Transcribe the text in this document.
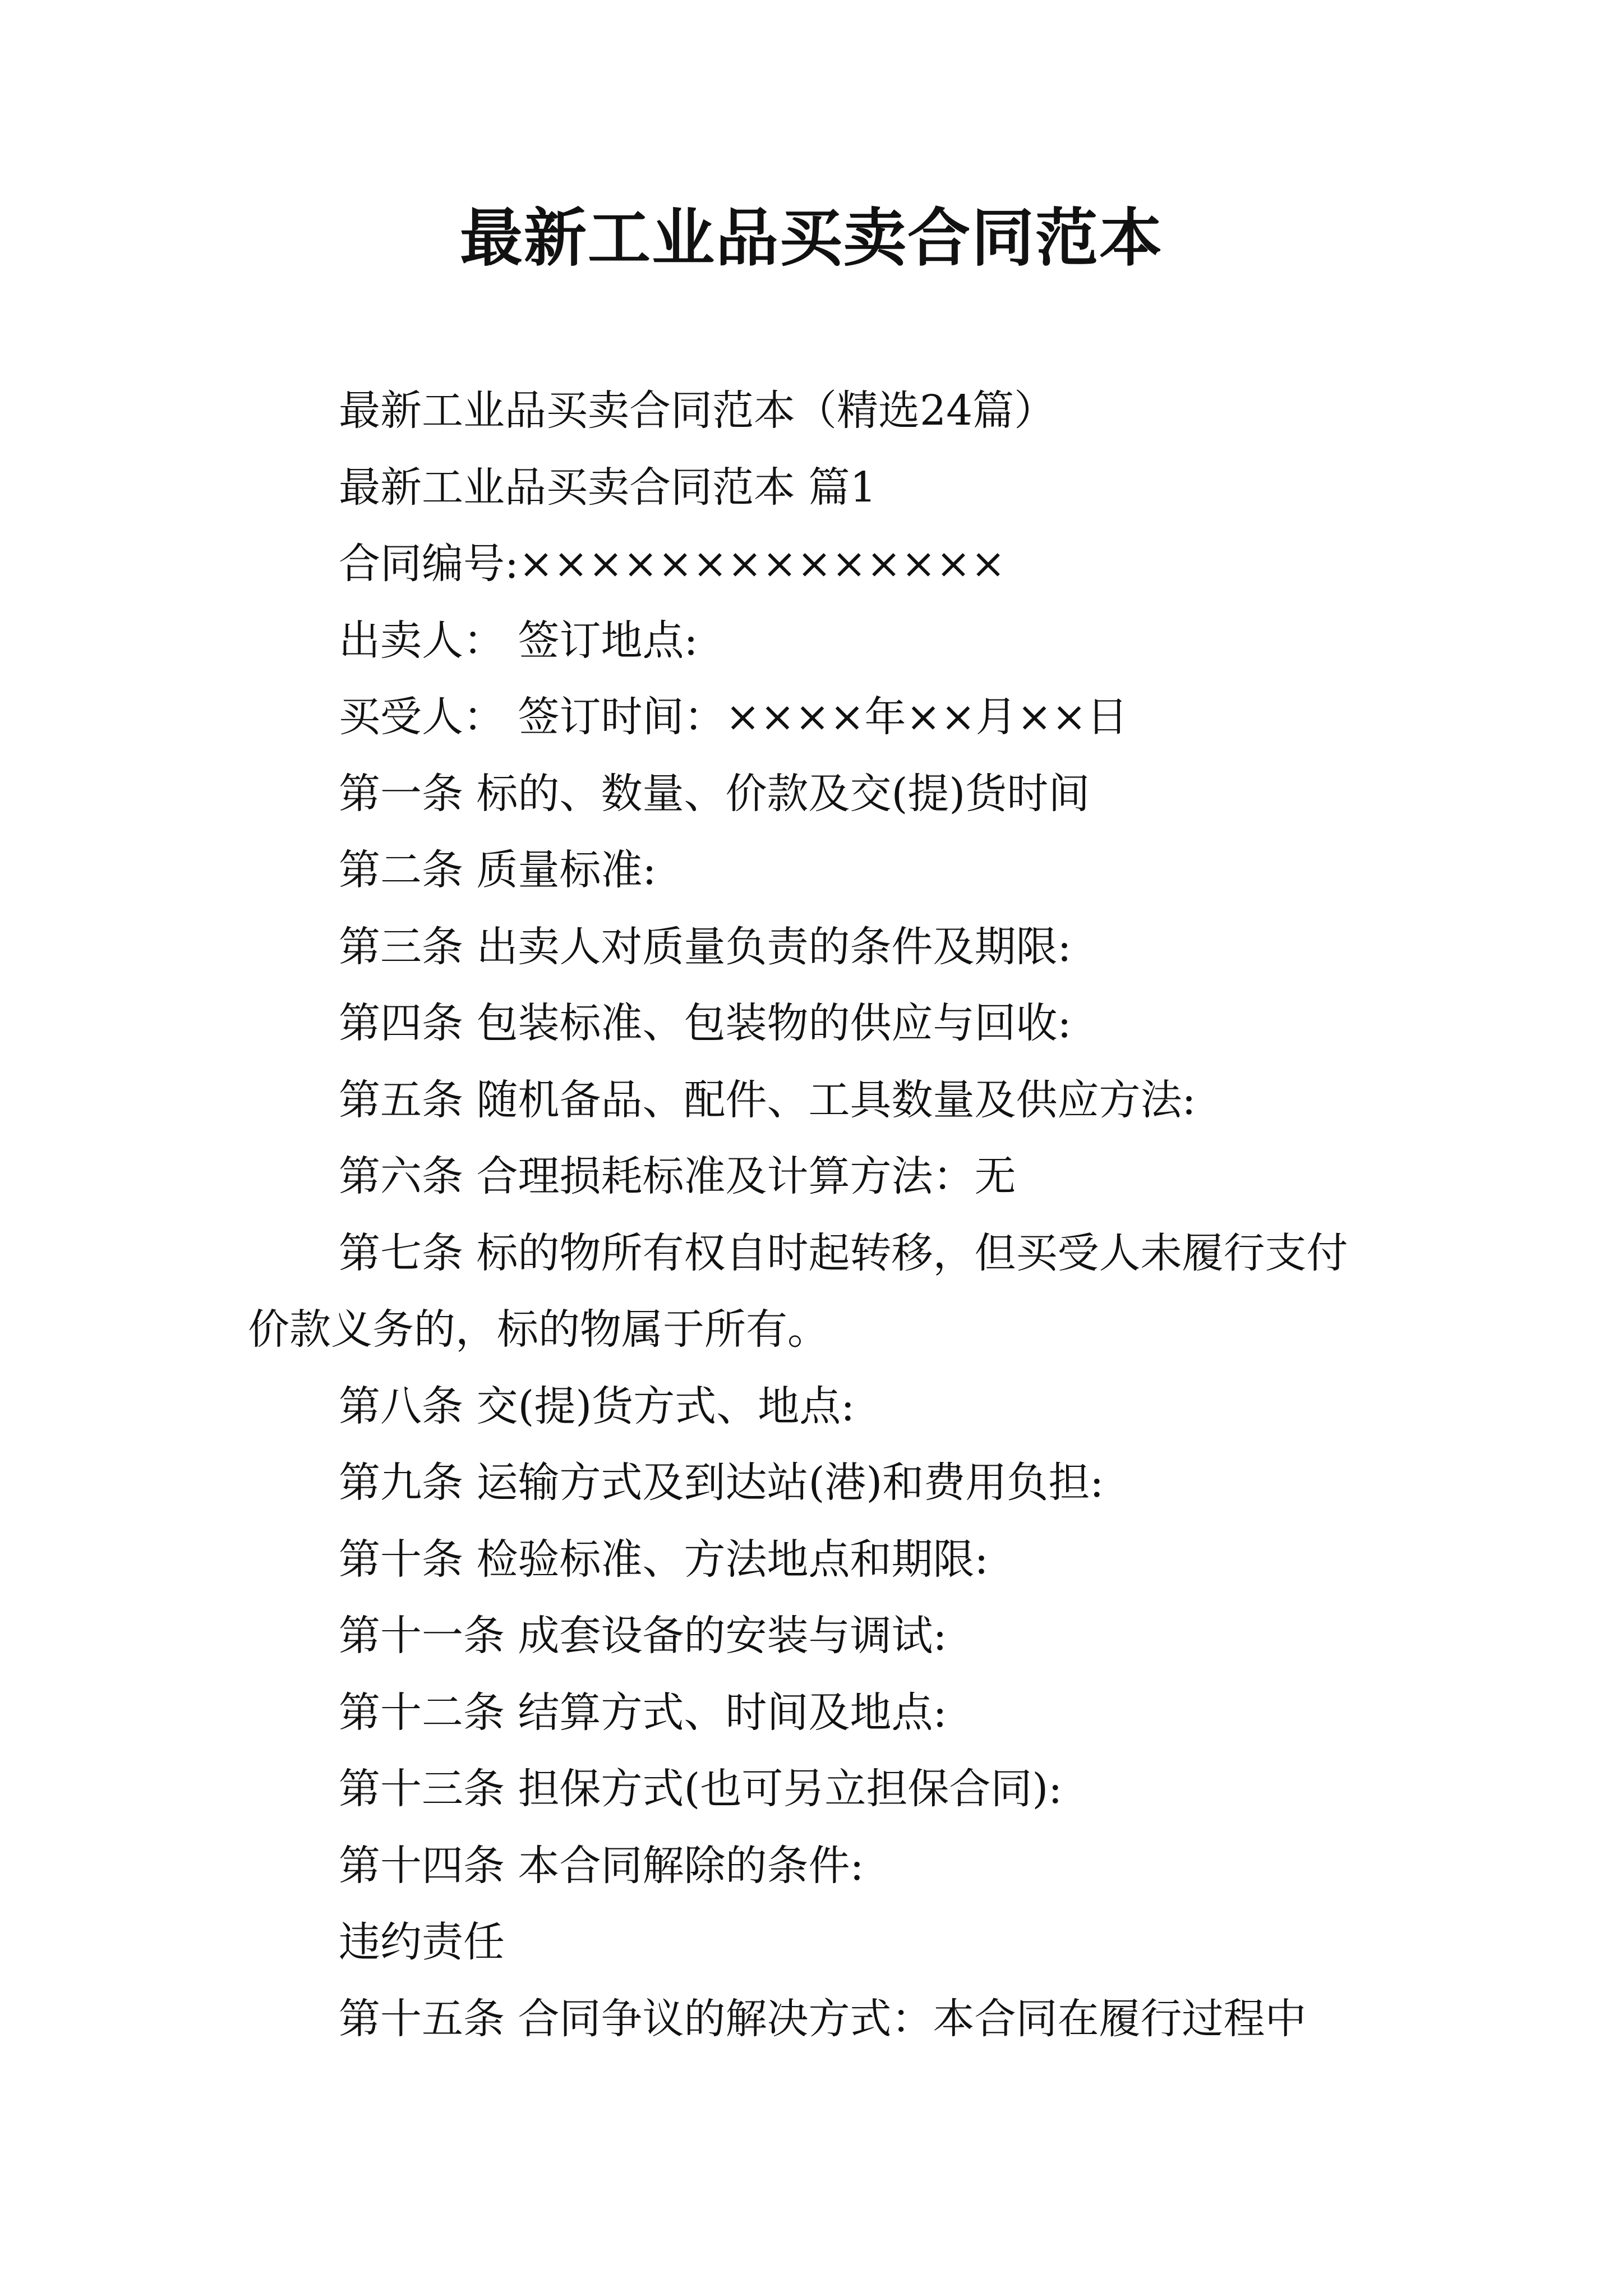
最新工业品买卖合同范本

最新工业品买卖合同范本（精选24篇）

最新工业品买卖合同范本 篇1

合同编号:××××××××××××××

出卖人： 签订地点:

买受人： 签订时间：××××年××月××日

第一条 标的、数量、价款及交(提)货时间

第二条 质量标准:

第三条 出卖人对质量负责的条件及期限:

第四条 包装标准、包装物的供应与回收:

第五条 随机备品、配件、工具数量及供应方法:

第六条 合理损耗标准及计算方法：无

第七条 标的物所有权自时起转移，但买受人未履行支付价款义务的，标的物属于所有。

第八条 交(提)货方式、地点:

第九条 运输方式及到达站(港)和费用负担:

第十条 检验标准、方法地点和期限:

第十一条 成套设备的安装与调试:

第十二条 结算方式、时间及地点:

第十三条 担保方式(也可另立担保合同):

第十四条 本合同解除的条件:

违约责任

第十五条 合同争议的解决方式：本合同在履行过程中
